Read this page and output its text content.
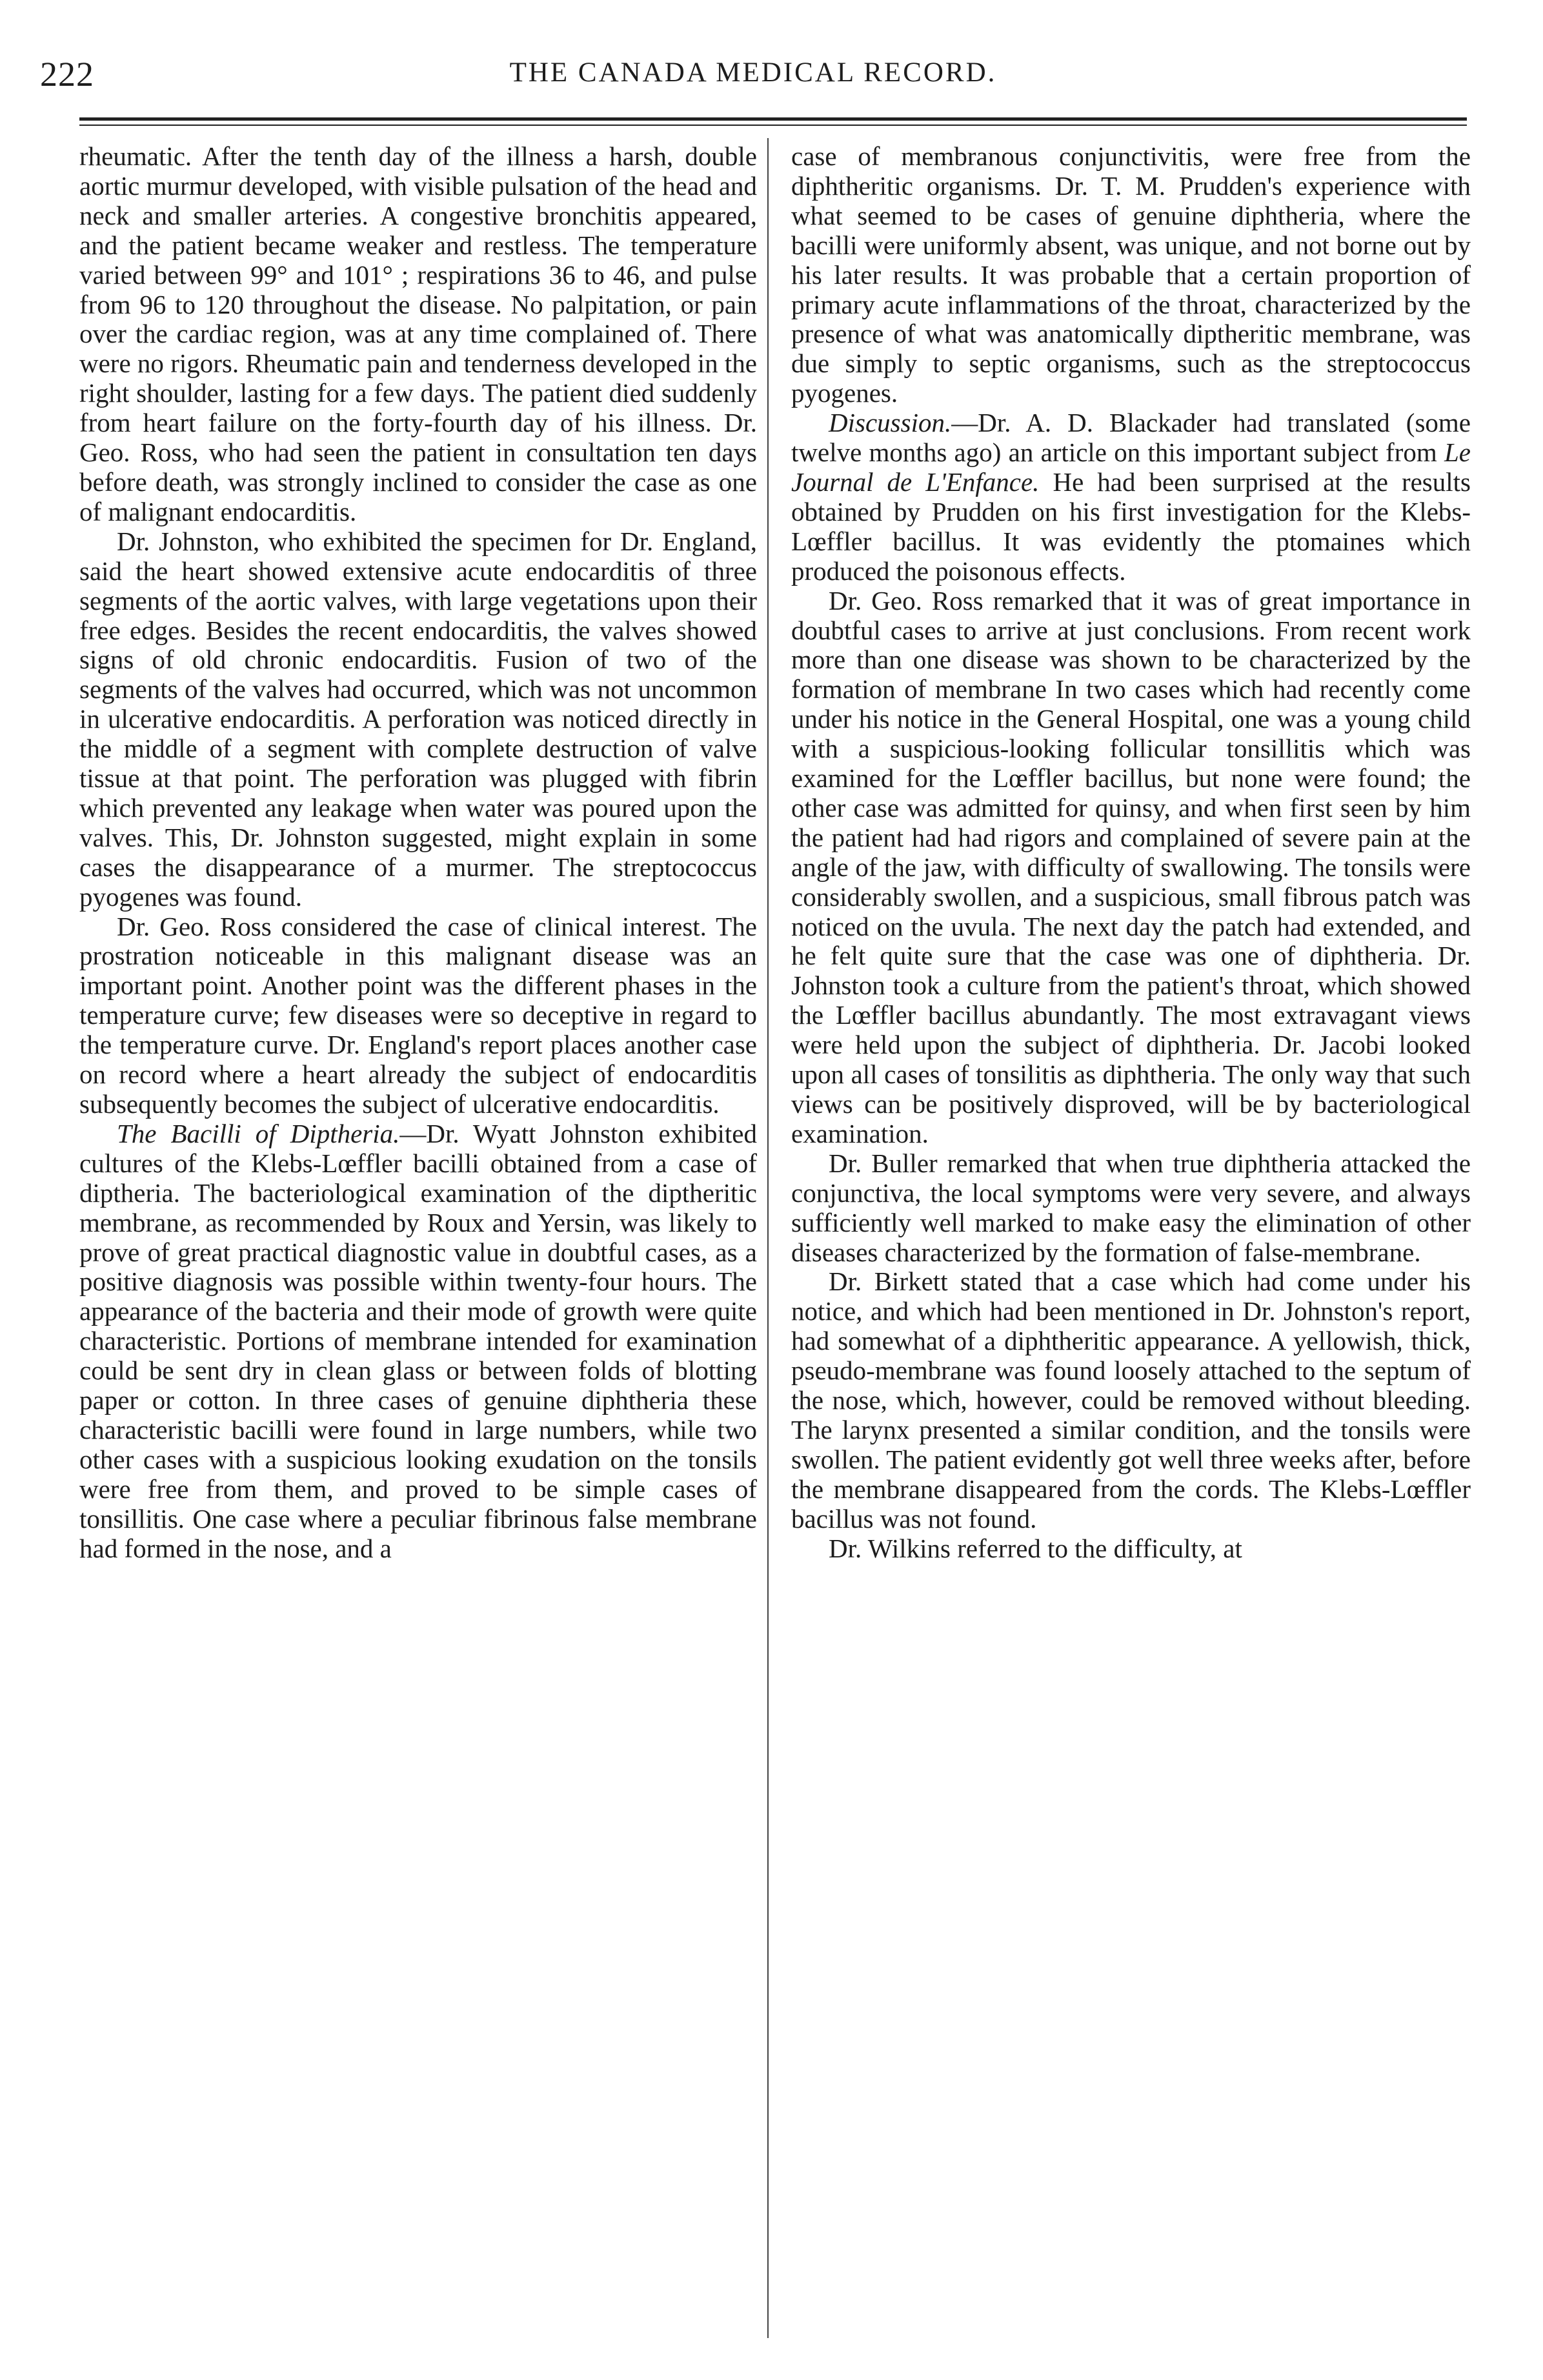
222	THE CANADA MEDICAL RECORD.

rheumatic. After the tenth day of the illness a harsh, double aortic murmur developed, with visible pulsation of the head and neck and smaller arteries. A congestive bronchitis appeared, and the patient became weaker and restless. The temperature varied between 99° and 101° ; respirations 36 to 46, and pulse from 96 to 120 throughout the disease. No palpitation, or pain over the cardiac region, was at any time complained of. There were no rigors. Rheumatic pain and tenderness developed in the right shoulder, lasting for a few days. The patient died suddenly from heart failure on the forty-fourth day of his illness. Dr. Geo. Ross, who had seen the patient in consultation ten days before death, was strongly inclined to consider the case as one of malignant endocarditis.

Dr. Johnston, who exhibited the specimen for Dr. England, said the heart showed extensive acute endocarditis of three segments of the aortic valves, with large vegetations upon their free edges. Besides the recent endocarditis, the valves showed signs of old chronic endocarditis. Fusion of two of the segments of the valves had occurred, which was not uncommon in ulcerative endocarditis. A perforation was noticed directly in the middle of a segment with complete destruction of valve tissue at that point. The perforation was plugged with fibrin which prevented any leakage when water was poured upon the valves. This, Dr. Johnston suggested, might explain in some cases the disappearance of a murmer. The streptococcus pyogenes was found.

Dr. Geo. Ross considered the case of clinical interest. The prostration noticeable in this malignant disease was an important point. Another point was the different phases in the temperature curve; few diseases were so deceptive in regard to the temperature curve. Dr. England's report places another case on record where a heart already the subject of endocarditis subsequently becomes the subject of ulcerative endocarditis.

The Bacilli of Diptheria.—Dr. Wyatt Johnston exhibited cultures of the Klebs-Lœffler bacilli obtained from a case of diptheria. The bacteriological examination of the diptheritic membrane, as recommended by Roux and Yersin, was likely to prove of great practical diagnostic value in doubtful cases, as a positive diagnosis was possible within twenty-four hours. The appearance of the bacteria and their mode of growth were quite characteristic. Portions of membrane intended for examination could be sent dry in clean glass or between folds of blotting paper or cotton. In three cases of genuine diphtheria these characteristic bacilli were found in large numbers, while two other cases with a suspicious looking exudation on the tonsils were free from them, and proved to be simple cases of tonsillitis. One case where a peculiar fibrinous false membrane had formed in the nose, and a

case of membranous conjunctivitis, were free from the diphtheritic organisms. Dr. T. M. Prudden's experience with what seemed to be cases of genuine diphtheria, where the bacilli were uniformly absent, was unique, and not borne out by his later results. It was probable that a certain proportion of primary acute inflammations of the throat, characterized by the presence of what was anatomically diptheritic membrane, was due simply to septic organisms, such as the streptococcus pyogenes.

Discussion.—Dr. A. D. Blackader had translated (some twelve months ago) an article on this important subject from Le Journal de L'Enfance. He had been surprised at the results obtained by Prudden on his first investigation for the Klebs-Lœffler bacillus. It was evidently the ptomaines which produced the poisonous effects.

Dr. Geo. Ross remarked that it was of great importance in doubtful cases to arrive at just conclusions. From recent work more than one disease was shown to be characterized by the formation of membrane In two cases which had recently come under his notice in the General Hospital, one was a young child with a suspicious-looking follicular tonsillitis which was examined for the Lœffler bacillus, but none were found; the other case was admitted for quinsy, and when first seen by him the patient had had rigors and complained of severe pain at the angle of the jaw, with difficulty of swallowing. The tonsils were considerably swollen, and a suspicious, small fibrous patch was noticed on the uvula. The next day the patch had extended, and he felt quite sure that the case was one of diphtheria. Dr. Johnston took a culture from the patient's throat, which showed the Lœffler bacillus abundantly. The most extravagant views were held upon the subject of diphtheria. Dr. Jacobi looked upon all cases of tonsilitis as diphtheria. The only way that such views can be positively disproved, will be by bacteriological examination.

Dr. Buller remarked that when true diphtheria attacked the conjunctiva, the local symptoms were very severe, and always sufficiently well marked to make easy the elimination of other diseases characterized by the formation of false-membrane.

Dr. Birkett stated that a case which had come under his notice, and which had been mentioned in Dr. Johnston's report, had somewhat of a diphtheritic appearance. A yellowish, thick, pseudo-membrane was found loosely attached to the septum of the nose, which, however, could be removed without bleeding. The larynx presented a similar condition, and the tonsils were swollen. The patient evidently got well three weeks after, before the membrane disappeared from the cords. The Klebs-Lœffler bacillus was not found.

Dr. Wilkins referred to the difficulty, at
